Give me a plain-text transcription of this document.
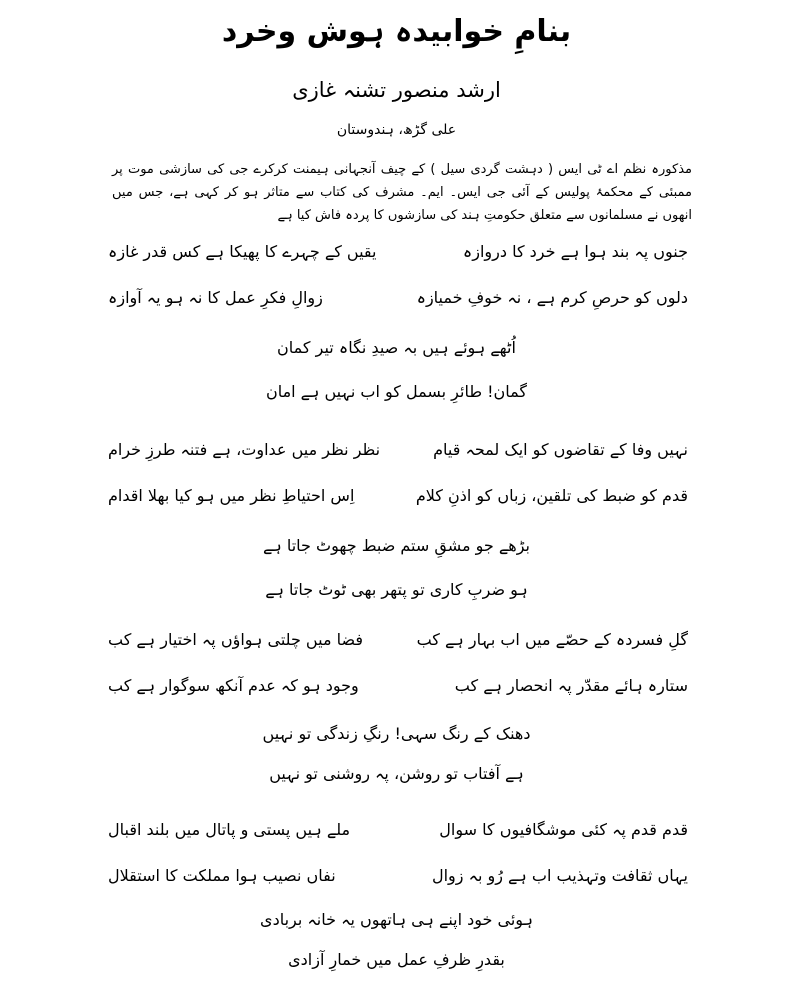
بنامِ خوابیدہ ہوش وخرد
ارشد منصور تشنہ غازی
علی گڑھ، ہندوستان
مذکورہ نظم اے ٹی ایس ( دہشت گردی سیل ) کے چیف آنجہانی ہیمنت کرکرے جی کی سازشی موت پر ممبئی کے محکمۂ پولیس کے آئی جی ایس۔ ایم۔ مشرف کی کتاب سے متاثر ہو کر کہی ہے، جس میں انھوں نے مسلمانوں سے متعلق حکومتِ ہند کی سازشوں کا پردہ فاش کیا ہے
جنوں پہ بند ہوا ہے خرد کا دروازہ
یقیں کے چہرے کا پھیکا ہے کس قدر غازہ
دلوں کو حرصِ کرم ہے ، نہ خوفِ خمیازہ
زوالِ فکرِ عمل کا نہ ہو یہ آوازہ
اُٹھے ہوئے ہیں بہ صیدِ نگاہ تیر کمان
گمان! طائرِ بسمل کو اب نہیں ہے امان
نہیں وفا کے تقاضوں کو ایک لمحہ قیام
نظر نظر میں عداوت، ہے فتنہ طرزِ خرام
قدم کو ضبط کی تلقین، زباں کو اذنِ کلام
اِس احتیاطِ نظر میں ہو کیا بھلا اقدام
بڑھے جو مشقِ ستم ضبط چھوٹ جاتا ہے
ہو ضربِ کاری تو پتھر بھی ٹوٹ جاتا ہے
گلِ فسردہ کے حصّے میں اب بہار ہے کب
فضا میں چلتی ہواؤں پہ اختیار ہے کب
ستارہ ہائے مقدّر پہ انحصار ہے کب
وجود ہو کہ عدم آنکھ سوگوار ہے کب
دھنک کے رنگ سہی! رنگِ زندگی تو نہیں
ہے آفتاب تو روشن، پہ روشنی تو نہیں
قدم قدم پہ کئی موشگافیوں کا سوال
ملے ہیں پستی و پاتال میں بلند اقبال
یہاں ثقافت وتہذیب اب ہے رُو بہ زوال
نفاں نصیب ہوا مملکت کا استقلال
ہوئی خود اپنے ہی ہاتھوں یہ خانہ بربادی
بقدرِ ظرفِ عمل میں خمارِ آزادی
